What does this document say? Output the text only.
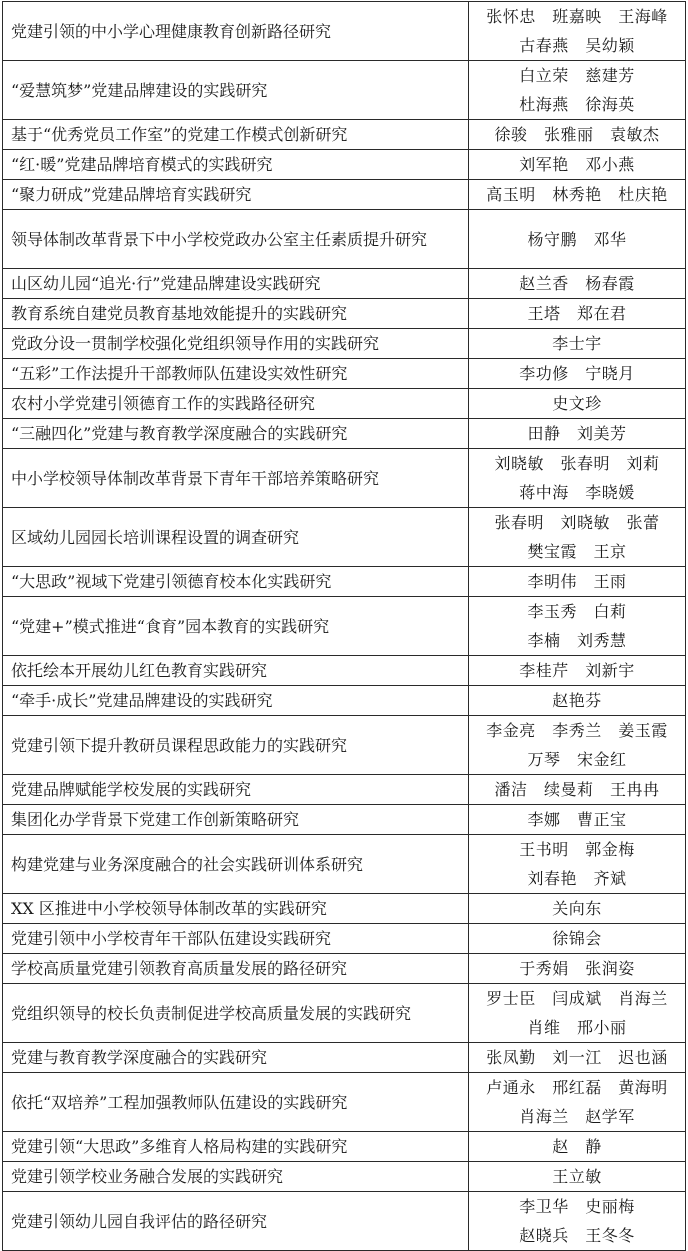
党建引领的中小学心理健康教育创新路径研究	张怀忠　班嘉映　王海峰
古春燕　吴幼颖

“爱慧筑梦”党建品牌建设的实践研究	白立荣　慈建芳
杜海燕　徐海英

基于“优秀党员工作室”的党建工作模式创新研究	徐骏　张雅丽　袁敏杰

“红·暖”党建品牌培育模式的实践研究	刘军艳　邓小燕

“聚力研成”党建品牌培育实践研究	高玉明　林秀艳　杜庆艳

领导体制改革背景下中小学校党政办公室主任素质提升研究	杨守鹏　邓华

山区幼儿园“追光·行”党建品牌建设实践研究	赵兰香　杨春霞

教育系统自建党员教育基地效能提升的实践研究	王塔　郑在君

党政分设一贯制学校强化党组织领导作用的实践研究	李士宇

“五彩”工作法提升干部教师队伍建设实效性研究	李功修　宁晓月

农村小学党建引领德育工作的实践路径研究	史文珍

“三融四化”党建与教育教学深度融合的实践研究	田静　刘美芳

中小学校领导体制改革背景下青年干部培养策略研究	刘晓敏　张春明　刘莉
蒋中海　李晓媛

区域幼儿园园长培训课程设置的调查研究	张春明　刘晓敏　张蕾
樊宝霞　王京

“大思政”视域下党建引领德育校本化实践研究	李明伟　王雨

“党建+”模式推进“食育”园本教育的实践研究	李玉秀　白莉
李楠　刘秀慧

依托绘本开展幼儿红色教育实践研究	李桂芹　刘新宇

“牵手·成长”党建品牌建设的实践研究	赵艳芬

党建引领下提升教研员课程思政能力的实践研究	李金亮　李秀兰　姜玉霞
万琴　宋金红

党建品牌赋能学校发展的实践研究	潘洁　续曼莉　王冉冉

集团化办学背景下党建工作创新策略研究	李娜　曹正宝

构建党建与业务深度融合的社会实践研训体系研究	王书明　郭金梅
刘春艳　齐斌

XX 区推进中小学校领导体制改革的实践研究	关向东

党建引领中小学校青年干部队伍建设实践研究	徐锦会

学校高质量党建引领教育高质量发展的路径研究	于秀娟　张润姿

党组织领导的校长负责制促进学校高质量发展的实践研究	罗士臣　闫成斌　肖海兰
肖维　邢小丽

党建与教育教学深度融合的实践研究	张凤勤　刘一江　迟也涵

依托“双培养”工程加强教师队伍建设的实践研究	卢通永　邢红磊　黄海明
肖海兰　赵学军

党建引领“大思政”多维育人格局构建的实践研究	赵　静

党建引领学校业务融合发展的实践研究	王立敏

党建引领幼儿园自我评估的路径研究	李卫华　史丽梅
赵晓兵　王冬冬
